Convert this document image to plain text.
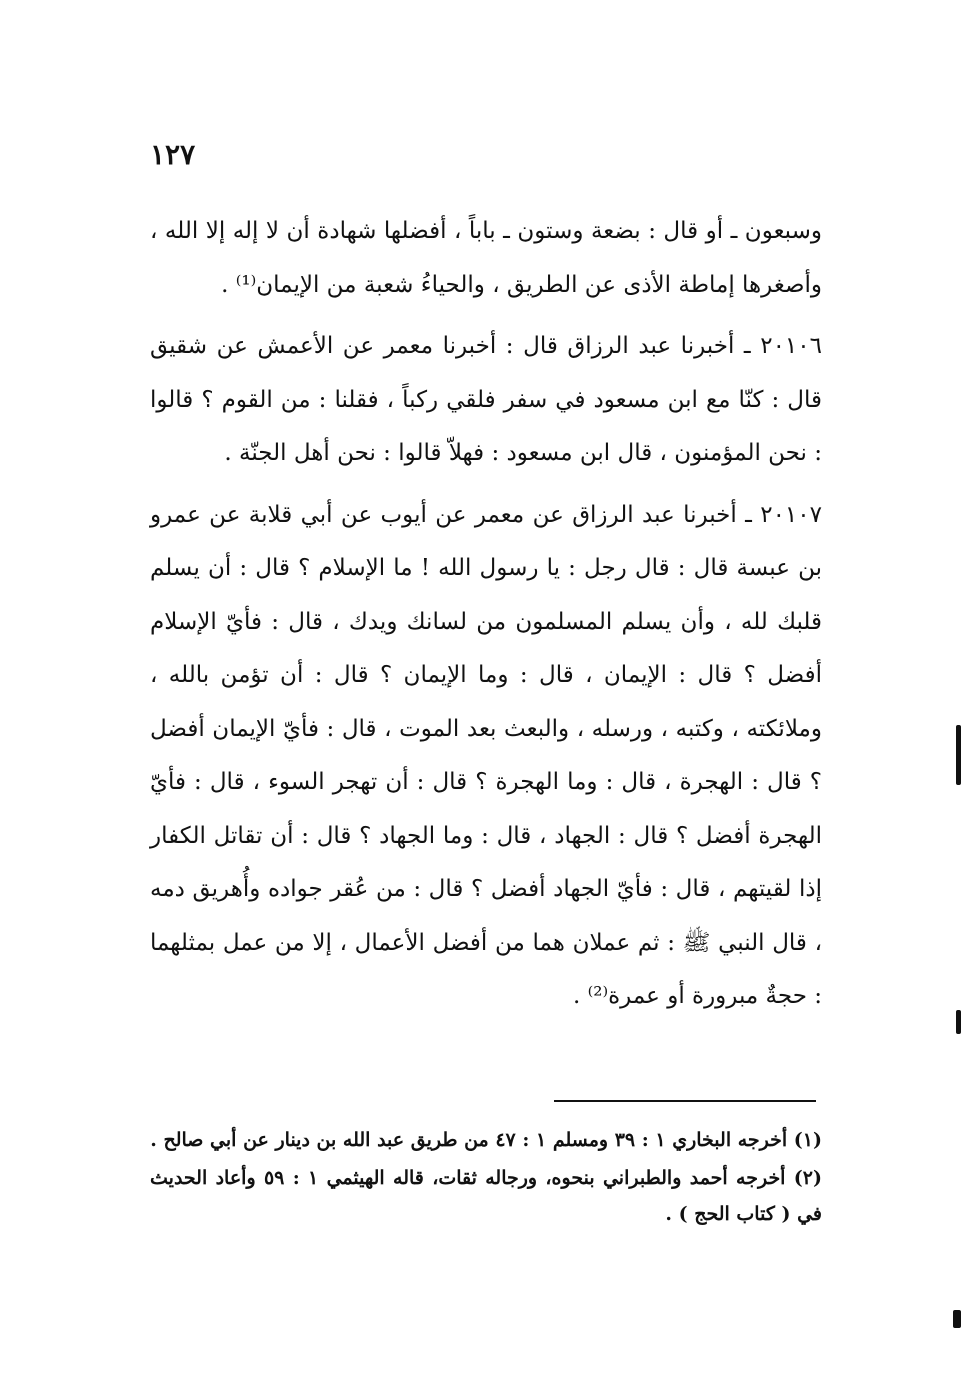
١٢٧

وسبعون ـ أو قال : بضعة وستون ـ باباً ، أفضلها شهادة أن لا إله إلا الله ، وأصغرها إماطة الأذى عن الطريق ، والحياءُ شعبة من الإيمان⁽¹⁾ .

٢٠١٠٦ ـ أخبرنا عبد الرزاق قال : أخبرنا معمر عن الأعمش عن شقيق قال : كنّا مع ابن مسعود في سفر فلقي ركباً ، فقلنا : من القوم ؟ قالوا : نحن المؤمنون ، قال ابن مسعود : فهلاّ قالوا : نحن أهل الجنّة .

٢٠١٠٧ ـ أخبرنا عبد الرزاق عن معمر عن أيوب عن أبي قلابة عن عمرو بن عبسة قال : قال رجل : يا رسول الله ! ما الإسلام ؟ قال : أن يسلم قلبك لله ، وأن يسلم المسلمون من لسانك ويدك ، قال : فأيّ الإسلام أفضل ؟ قال : الإيمان ، قال : وما الإيمان ؟ قال : أن تؤمن بالله ، وملائكته ، وكتبه ، ورسله ، والبعث بعد الموت ، قال : فأيّ الإيمان أفضل ؟ قال : الهجرة ، قال : وما الهجرة ؟ قال : أن تهجر السوء ، قال : فأيّ الهجرة أفضل ؟ قال : الجهاد ، قال : وما الجهاد ؟ قال : أن تقاتل الكفار إذا لقيتهم ، قال : فأيّ الجهاد أفضل ؟ قال : من عُقر جواده وأُهريق دمه ، قال النبي ﷺ : ثم عملان هما من أفضل الأعمال ، إلا من عمل بمثلهما : حجةٌ مبرورة أو عمرة⁽²⁾ .

(١) أخرجه البخاري ١ : ٣٩ ومسلم ١ : ٤٧ من طريق عبد الله بن دينار عن أبي صالح .

(٢) أخرجه أحمد والطبراني بنحوه، ورجاله ثقات، قاله الهيثمي ١ : ٥٩ وأعاد الحديث في ( كتاب الحج ) .
